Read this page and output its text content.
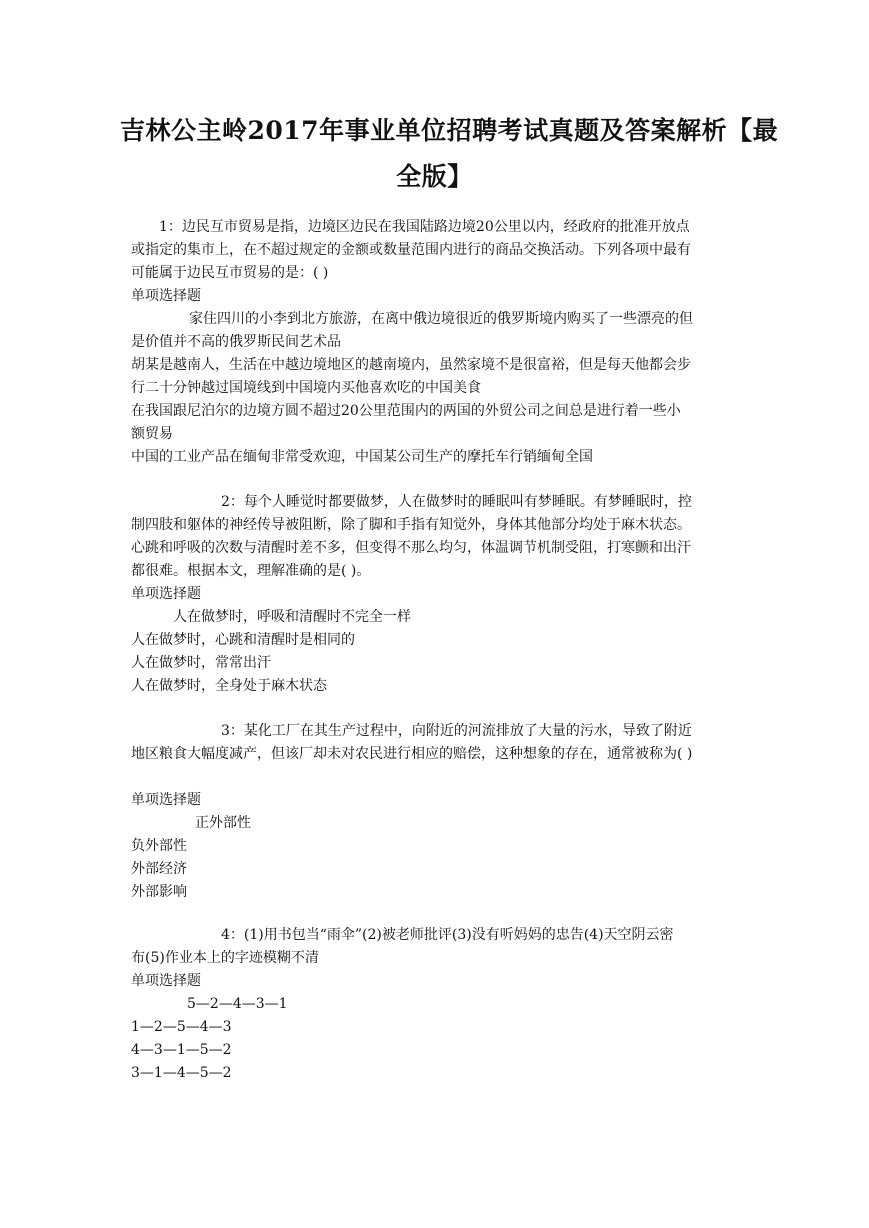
吉林公主岭2017年事业单位招聘考试真题及答案解析【最
全版】
1：边民互市贸易是指，边境区边民在我国陆路边境20公里以内，经政府的批准开放点
或指定的集市上，在不超过规定的金额或数量范围内进行的商品交换活动。下列各项中最有
可能属于边民互市贸易的是：( )
单项选择题
家住四川的小李到北方旅游，在离中俄边境很近的俄罗斯境内购买了一些漂亮的但
是价值并不高的俄罗斯民间艺术品
胡某是越南人，生活在中越边境地区的越南境内，虽然家境不是很富裕，但是每天他都会步
行二十分钟越过国境线到中国境内买他喜欢吃的中国美食
在我国跟尼泊尔的边境方圆不超过20公里范围内的两国的外贸公司之间总是进行着一些小
额贸易
中国的工业产品在缅甸非常受欢迎，中国某公司生产的摩托车行销缅甸全国
2：每个人睡觉时都要做梦，人在做梦时的睡眠叫有梦睡眠。有梦睡眠时，控
制四肢和躯体的神经传导被阻断，除了脚和手指有知觉外，身体其他部分均处于麻木状态。
心跳和呼吸的次数与清醒时差不多，但变得不那么均匀，体温调节机制受阻，打寒颤和出汗
都很难。根据本文，理解准确的是( )。
单项选择题
人在做梦时，呼吸和清醒时不完全一样
人在做梦时，心跳和清醒时是相同的
人在做梦时，常常出汗
人在做梦时，全身处于麻木状态
3：某化工厂在其生产过程中，向附近的河流排放了大量的污水，导致了附近
地区粮食大幅度减产，但该厂却未对农民进行相应的赔偿，这种想象的存在，通常被称为( )
单项选择题
正外部性
负外部性
外部经济
外部影响
4：(1)用书包当“雨伞”(2)被老师批评(3)没有听妈妈的忠告(4)天空阴云密
布(5)作业本上的字迹模糊不清
单项选择题
5—2—4—3—1
1—2—5—4—3
4—3—1—5—2
3—1—4—5—2
